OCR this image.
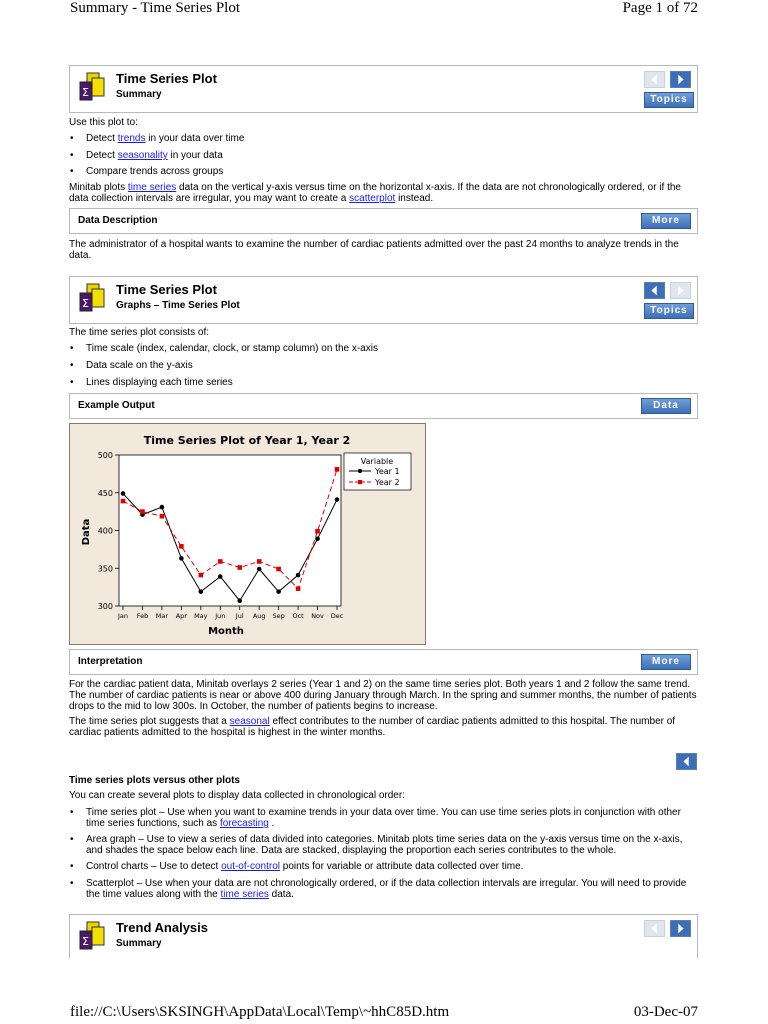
Summary - Time Series Plot	Page 1 of 72
Σ
Time Series Plot
Summary	Topics
Use this plot to:
• Detect trends in your data over time
• Detect seasonality in your data
• Compare trends across groups
Minitab plots time series data on the vertical y-axis versus time on the horizontal x-axis. If the data are not chronologically ordered, or if the data collection intervals are irregular, you may want to create a scatterplot instead.
Data Description	More
The administrator of a hospital wants to examine the number of cardiac patients admitted over the past 24 months to analyze trends in the data.
Σ
Time Series Plot
Graphs – Time Series Plot	Topics
The time series plot consists of:
• Time scale (index, calendar, clock, or stamp column) on the x-axis
• Data scale on the y-axis
• Lines displaying each time series
Example Output	Data
Time Series Plot of Year 1, Year 2
Data
Month
Variable
300
350
400
450
500
Jan Feb Mar Apr May Jun Jul Aug Sep Oct Nov Dec
Year 1
Year 2
Interpretation	More
For the cardiac patient data, Minitab overlays 2 series (Year 1 and 2) on the same time series plot. Both years 1 and 2 follow the same trend. The number of cardiac patients is near or above 400 during January through March. In the spring and summer months, the number of patients drops to the mid to low 300s. In October, the number of patients begins to increase.
The time series plot suggests that a seasonal effect contributes to the number of cardiac patients admitted to this hospital. The number of cardiac patients admitted to the hospital is highest in the winter months.
Time series plots versus other plots
You can create several plots to display data collected in chronological order:
• Time series plot – Use when you want to examine trends in your data over time. You can use time series plots in conjunction with other time series functions, such as forecasting .
• Area graph – Use to view a series of data divided into categories. Minitab plots time series data on the y-axis versus time on the x-axis, and shades the space below each line. Data are stacked, displaying the proportion each series contributes to the whole.
• Control charts – Use to detect out-of-control points for variable or attribute data collected over time.
• Scatterplot – Use when your data are not chronologically ordered, or if the data collection intervals are irregular. You will need to provide the time values along with the time series data.
Σ
Trend Analysis
Summary
file://C:\Users\SKSINGH\AppData\Local\Temp\~hhC85D.htm	03-Dec-07
